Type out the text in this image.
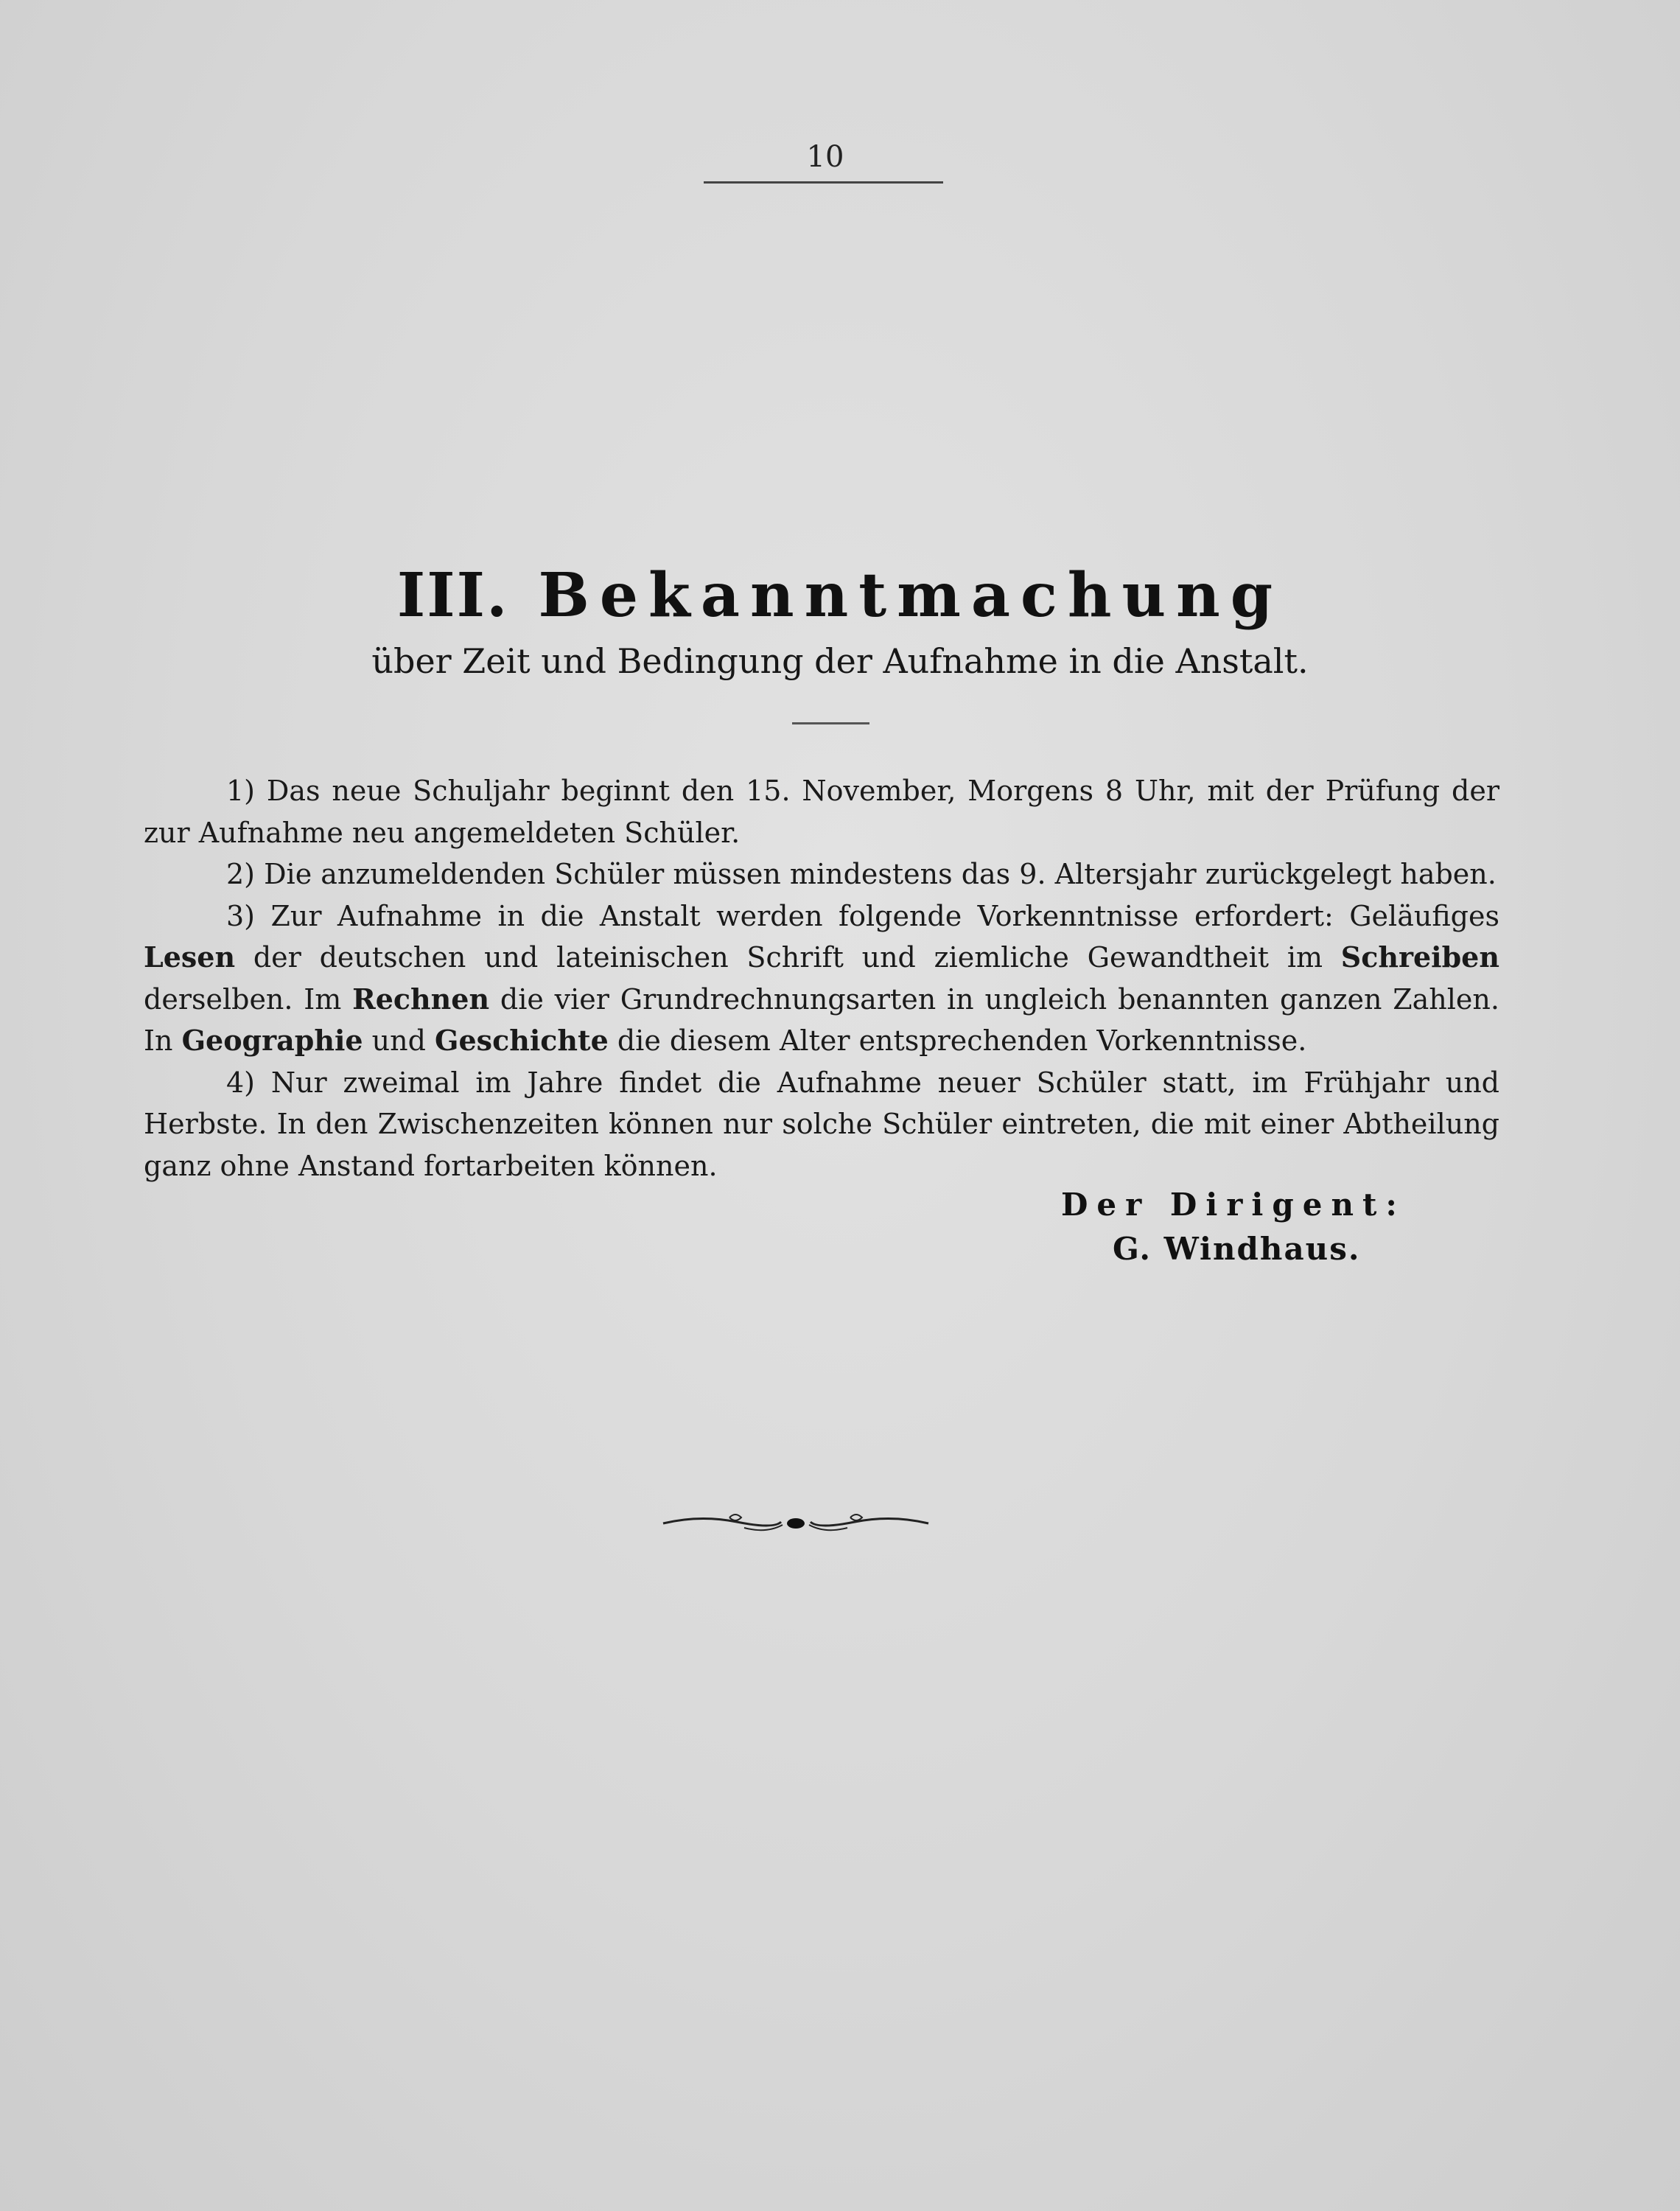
10
III. Bekanntmachung
über Zeit und Bedingung der Aufnahme in die Anstalt.

1) Das neue Schuljahr beginnt den 15. November, Morgens 8 Uhr, mit der Prüfung der zur Aufnahme neu angemeldeten Schüler.

2) Die anzumeldenden Schüler müssen mindestens das 9. Altersjahr zurückgelegt haben.

3) Zur Aufnahme in die Anstalt werden folgende Vorkenntnisse erfordert: Geläufiges Lesen der deutschen und lateinischen Schrift und ziemliche Gewandtheit im Schreiben derselben. Im Rechnen die vier Grundrechnungsarten in ungleich benannten ganzen Zahlen. In Geographie und Geschichte die diesem Alter entsprechenden Vorkenntnisse.

4) Nur zweimal im Jahre findet die Aufnahme neuer Schüler statt, im Frühjahr und Herbste. In den Zwischenzeiten können nur solche Schüler eintreten, die mit einer Abtheilung ganz ohne Anstand fortarbeiten können.

Der Dirigent:
G. Windhaus.
